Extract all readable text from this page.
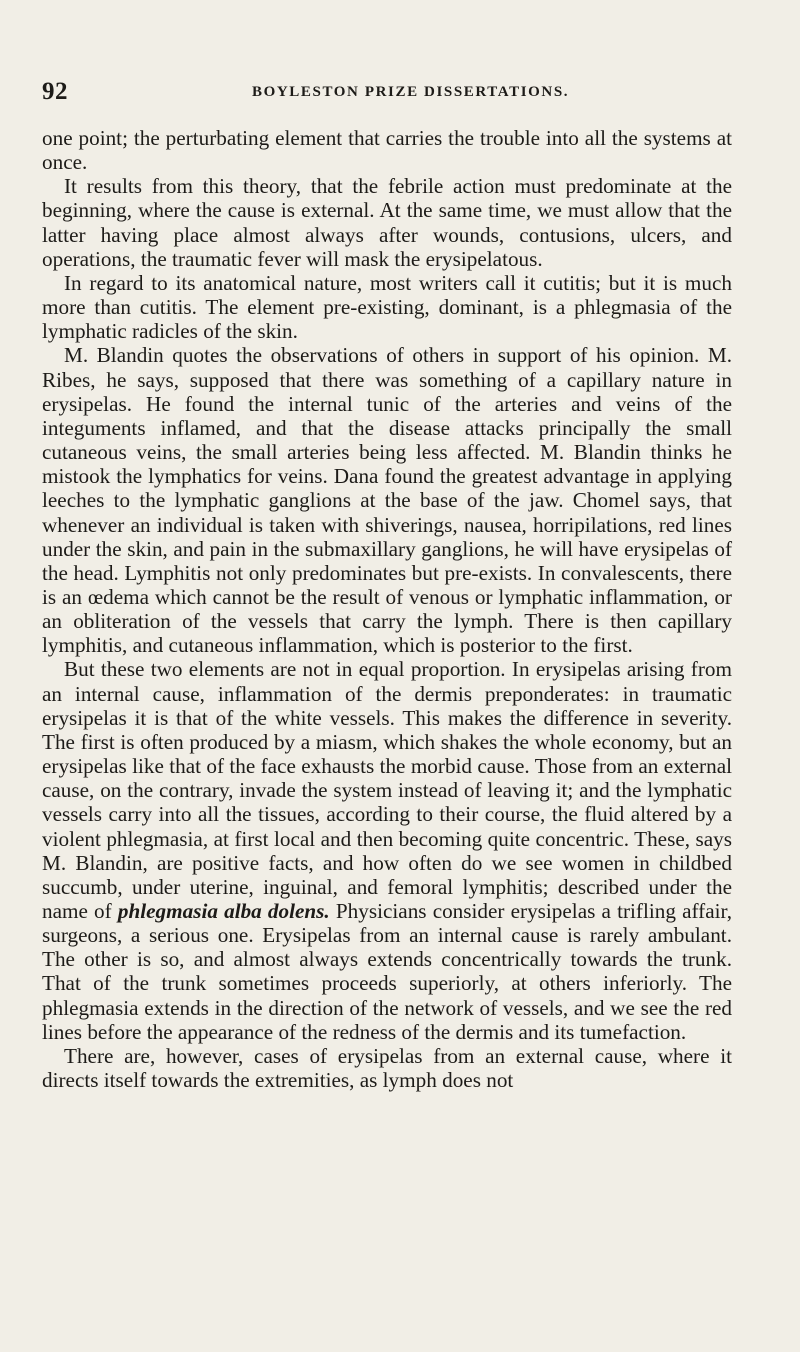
92	BOYLESTON PRIZE DISSERTATIONS.

one point; the perturbating element that carries the trouble into all the systems at once.

It results from this theory, that the febrile action must predominate at the beginning, where the cause is external. At the same time, we must allow that the latter having place almost always after wounds, contusions, ulcers, and operations, the traumatic fever will mask the erysipelatous.

In regard to its anatomical nature, most writers call it cutitis; but it is much more than cutitis. The element pre-existing, dominant, is a phlegmasia of the lymphatic radicles of the skin.

M. Blandin quotes the observations of others in support of his opinion. M. Ribes, he says, supposed that there was something of a capillary nature in erysipelas. He found the internal tunic of the arteries and veins of the integuments inflamed, and that the disease attacks principally the small cutaneous veins, the small arteries being less affected. M. Blandin thinks he mistook the lymphatics for veins. Dana found the greatest advantage in applying leeches to the lymphatic ganglions at the base of the jaw. Chomel says, that whenever an individual is taken with shiverings, nausea, horripilations, red lines under the skin, and pain in the submaxillary ganglions, he will have erysipelas of the head. Lymphitis not only predominates but pre-exists. In convalescents, there is an œdema which cannot be the result of venous or lymphatic inflammation, or an obliteration of the vessels that carry the lymph. There is then capillary lymphitis, and cutaneous inflammation, which is posterior to the first.

But these two elements are not in equal proportion. In erysipelas arising from an internal cause, inflammation of the dermis preponderates: in traumatic erysipelas it is that of the white vessels. This makes the difference in severity. The first is often produced by a miasm, which shakes the whole economy, but an erysipelas like that of the face exhausts the morbid cause. Those from an external cause, on the contrary, invade the system instead of leaving it; and the lymphatic vessels carry into all the tissues, according to their course, the fluid altered by a violent phlegmasia, at first local and then becoming quite concentric. These, says M. Blandin, are positive facts, and how often do we see women in childbed succumb, under uterine, inguinal, and femoral lymphitis; described under the name of phlegmasia alba dolens. Physicians consider erysipelas a trifling affair, surgeons, a serious one. Erysipelas from an internal cause is rarely ambulant. The other is so, and almost always extends concentrically towards the trunk. That of the trunk sometimes proceeds superiorly, at others inferiorly. The phlegmasia extends in the direction of the network of vessels, and we see the red lines before the appearance of the redness of the dermis and its tumefaction.

There are, however, cases of erysipelas from an external cause, where it directs itself towards the extremities, as lymph does not
